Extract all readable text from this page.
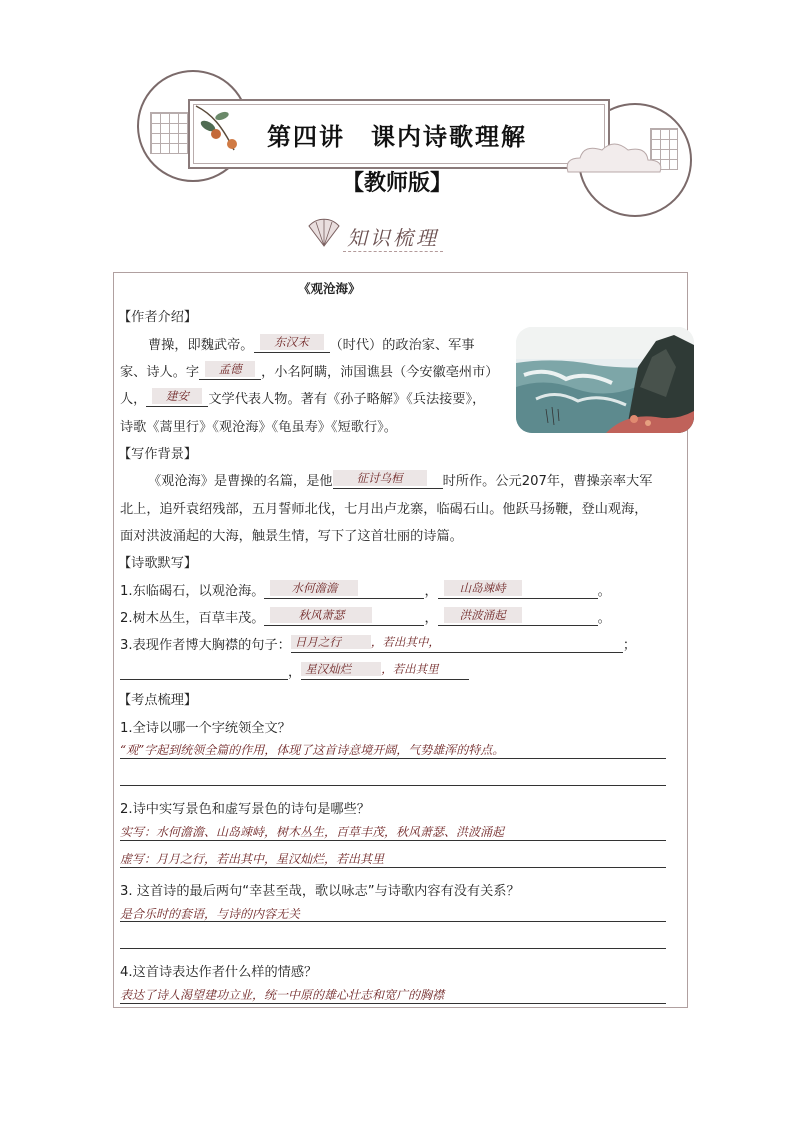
第四讲　课内诗歌理解
【教师版】
知识梳理
《观沧海》
【作者介绍】
曹操，即魏武帝。	东汉末	（时代）的政治家、军事
家、诗人。字	孟德	，小名阿瞒，沛国谯县（今安徽亳州市）
人，	建安	文学代表人物。著有《孙子略解》《兵法接要》，
诗歌《蒿里行》《观沧海》《龟虽寿》《短歌行》。
【写作背景】
《观沧海》是曹操的名篇，是他	征讨乌桓	时所作。公元207年，曹操亲率大军
北上，追歼袁绍残部，五月誓师北伐，七月出卢龙寨，临碣石山。他跃马扬鞭，登山观海，
面对洪波涌起的大海，触景生情，写下了这首壮丽的诗篇。
【诗歌默写】
1.东临碣石，以观沧海。	水何澹澹	，	山岛竦峙	。
2.树木丛生，百草丰茂。	秋风萧瑟	，	洪波涌起	。
3.表现作者博大胸襟的句子： 日月之行	，若出其中，	；
， 星汉灿烂	，若出其里
【考点梳理】
1.全诗以哪一个字统领全文？
“观”字起到统领全篇的作用，体现了这首诗意境开阔，气势雄浑的特点。
2.诗中实写景色和虚写景色的诗句是哪些？
实写：水何澹澹、山岛竦峙，树木丛生，百草丰茂，秋风萧瑟、洪波涌起
虚写：月月之行，若出其中，星汉灿烂，若出其里
3. 这首诗的最后两句“幸甚至哉，歌以咏志”与诗歌内容有没有关系？
是合乐时的套语，与诗的内容无关
4.这首诗表达作者什么样的情感？
表达了诗人渴望建功立业，统一中原的雄心壮志和宽广的胸襟
